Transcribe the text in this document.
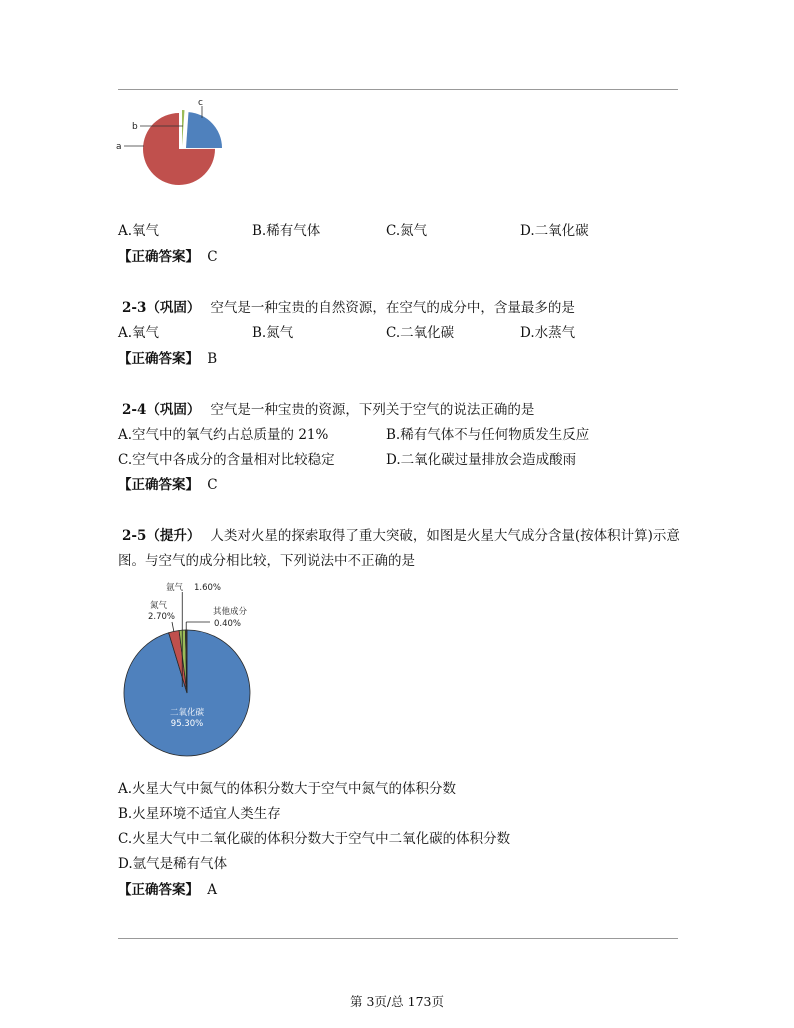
a
b
c
A.氧气	B.稀有气体	C.氮气	D.二氧化碳
【正确答案】 C
2-3（巩固） 空气是一种宝贵的自然资源，在空气的成分中，含量最多的是
A.氧气	B.氮气	C.二氧化碳	D.水蒸气
【正确答案】 B
2-4（巩固） 空气是一种宝贵的资源，下列关于空气的说法正确的是
A.空气中的氧气约占总质量的 21%	B.稀有气体不与任何物质发生反应
C.空气中各成分的含量相对比较稳定	D.二氧化碳过量排放会造成酸雨
【正确答案】 C
2-5（提升） 人类对火星的探索取得了重大突破，如图是火星大气成分含量(按体积计算)示意
图。与空气的成分相比较，下列说法中不正确的是
二氧化碳
95.30%
氮气
2.70%
氩气 1.60%
其他成分
0.40%
A.火星大气中氮气的体积分数大于空气中氮气的体积分数
B.火星环境不适宜人类生存
C.火星大气中二氧化碳的体积分数大于空气中二氧化碳的体积分数
D.氩气是稀有气体
【正确答案】 A
第 3页/总 173页
